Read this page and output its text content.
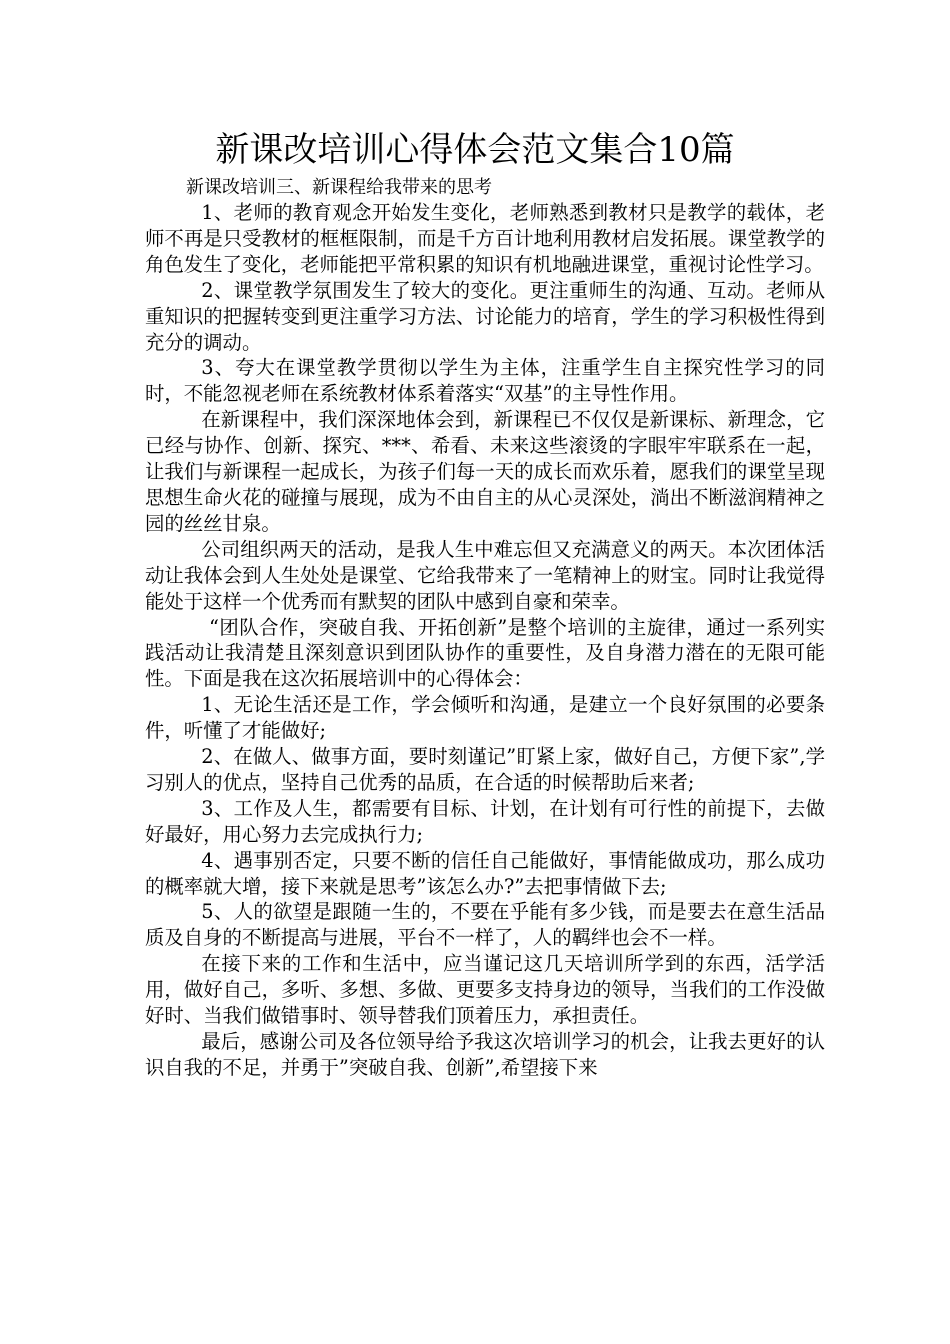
新课改培训心得体会范文集合10篇
新课改培训三、新课程给我带来的思考

1、老师的教育观念开始发生变化，老师熟悉到教材只是教学的载体，老师不再是只受教材的框框限制，而是千方百计地利用教材启发拓展。课堂教学的角色发生了变化，老师能把平常积累的知识有机地融进课堂，重视讨论性学习。

2、课堂教学氛围发生了较大的变化。更注重师生的沟通、互动。老师从重知识的把握转变到更注重学习方法、讨论能力的培育，学生的学习积极性得到充分的调动。

3、夸大在课堂教学贯彻以学生为主体，注重学生自主探究性学习的同时，不能忽视老师在系统教材体系着落实“双基”的主导性作用。

在新课程中，我们深深地体会到，新课程已不仅仅是新课标、新理念，它已经与协作、创新、探究、***、希看、未来这些滚烫的字眼牢牢联系在一起，让我们与新课程一起成长，为孩子们每一天的成长而欢乐着，愿我们的课堂呈现思想生命火花的碰撞与展现，成为不由自主的从心灵深处，淌出不断滋润精神之园的丝丝甘泉。

公司组织两天的活动，是我人生中难忘但又充满意义的两天。本次团体活动让我体会到人生处处是课堂、它给我带来了一笔精神上的财宝。同时让我觉得能处于这样一个优秀而有默契的团队中感到自豪和荣幸。

“团队合作，突破自我、开拓创新”是整个培训的主旋律，通过一系列实践活动让我清楚且深刻意识到团队协作的重要性，及自身潜力潜在的无限可能性。下面是我在这次拓展培训中的心得体会：

1、无论生活还是工作，学会倾听和沟通，是建立一个良好氛围的必要条件，听懂了才能做好;

2、在做人、做事方面，要时刻谨记”盯紧上家，做好自己，方便下家”,学习别人的优点，坚持自己优秀的品质，在合适的时候帮助后来者;

3、工作及人生，都需要有目标、计划，在计划有可行性的前提下，去做好最好，用心努力去完成执行力;

4、遇事别否定，只要不断的信任自己能做好，事情能做成功，那么成功的概率就大增，接下来就是思考”该怎么办?”去把事情做下去;

5、人的欲望是跟随一生的，不要在乎能有多少钱，而是要去在意生活品质及自身的不断提高与进展，平台不一样了，人的羁绊也会不一样。

在接下来的工作和生活中，应当谨记这几天培训所学到的东西，活学活用，做好自己，多听、多想、多做、更要多支持身边的领导，当我们的工作没做好时、当我们做错事时、领导替我们顶着压力，承担责任。

最后，感谢公司及各位领导给予我这次培训学习的机会，让我去更好的认识自我的不足，并勇于”突破自我、创新”,希望接下来
